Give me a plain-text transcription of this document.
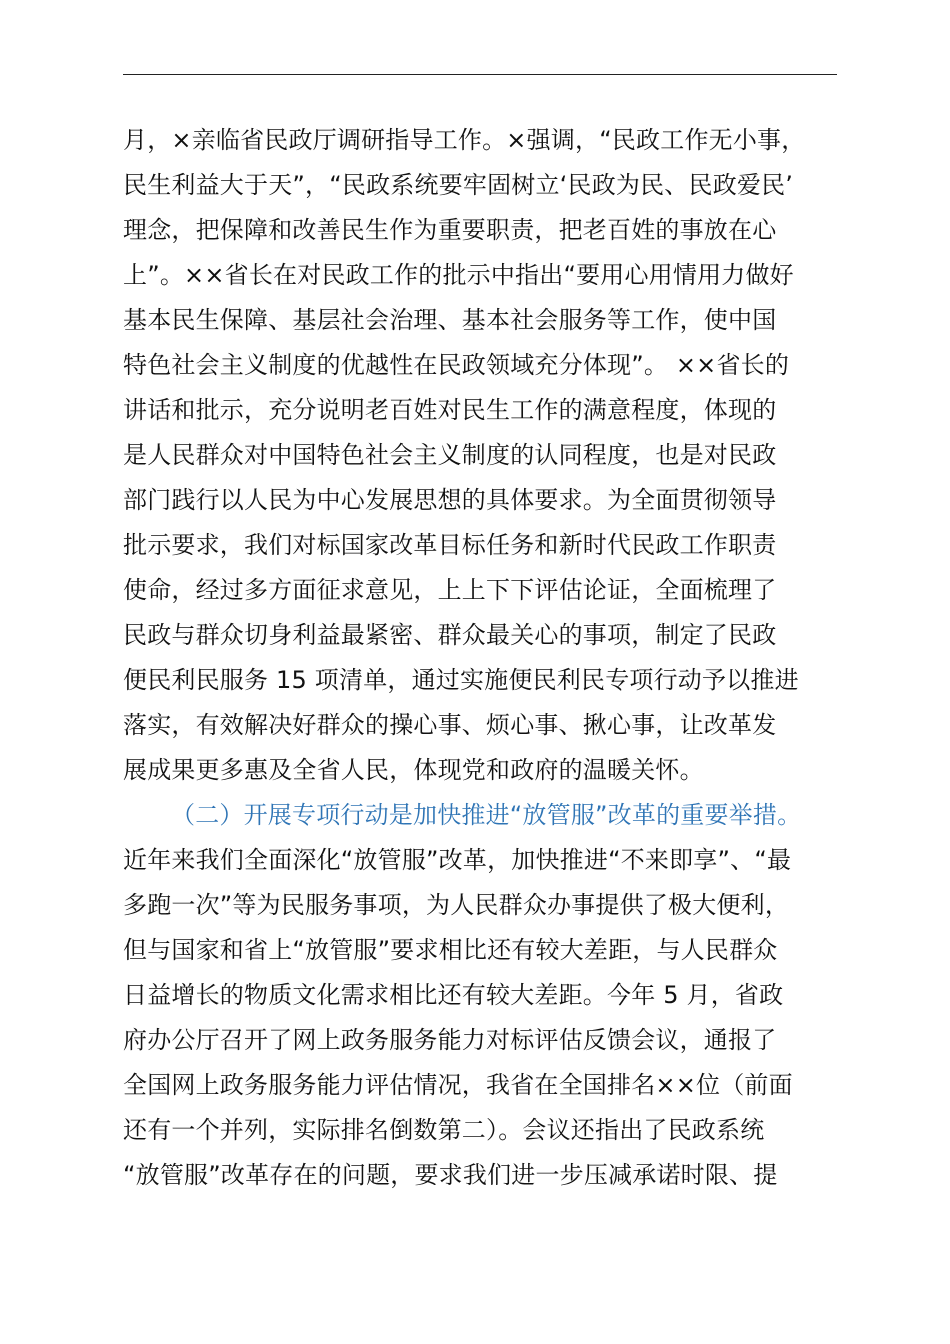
月，×亲临省民政厅调研指导工作。×强调，“民政工作无小事，
民生利益大于天”，“民政系统要牢固树立‘民政为民、民政爱民’
理念，把保障和改善民生作为重要职责，把老百姓的事放在心
上”。××省长在对民政工作的批示中指出“要用心用情用力做好
基本民生保障、基层社会治理、基本社会服务等工作，使中国
特色社会主义制度的优越性在民政领域充分体现”。 ××省长的
讲话和批示，充分说明老百姓对民生工作的满意程度，体现的
是人民群众对中国特色社会主义制度的认同程度，也是对民政
部门践行以人民为中心发展思想的具体要求。为全面贯彻领导
批示要求，我们对标国家改革目标任务和新时代民政工作职责
使命，经过多方面征求意见，上上下下评估论证，全面梳理了
民政与群众切身利益最紧密、群众最关心的事项，制定了民政
便民利民服务 15 项清单，通过实施便民利民专项行动予以推进
落实，有效解决好群众的操心事、烦心事、揪心事，让改革发
展成果更多惠及全省人民，体现党和政府的温暖关怀。
（二）开展专项行动是加快推进“放管服”改革的重要举措。
近年来我们全面深化“放管服”改革，加快推进“不来即享”、“最
多跑一次”等为民服务事项，为人民群众办事提供了极大便利，
但与国家和省上“放管服”要求相比还有较大差距，与人民群众
日益增长的物质文化需求相比还有较大差距。今年 5 月，省政
府办公厅召开了网上政务服务能力对标评估反馈会议，通报了
全国网上政务服务能力评估情况，我省在全国排名××位（前面
还有一个并列，实际排名倒数第二）。会议还指出了民政系统
“放管服”改革存在的问题，要求我们进一步压减承诺时限、提
